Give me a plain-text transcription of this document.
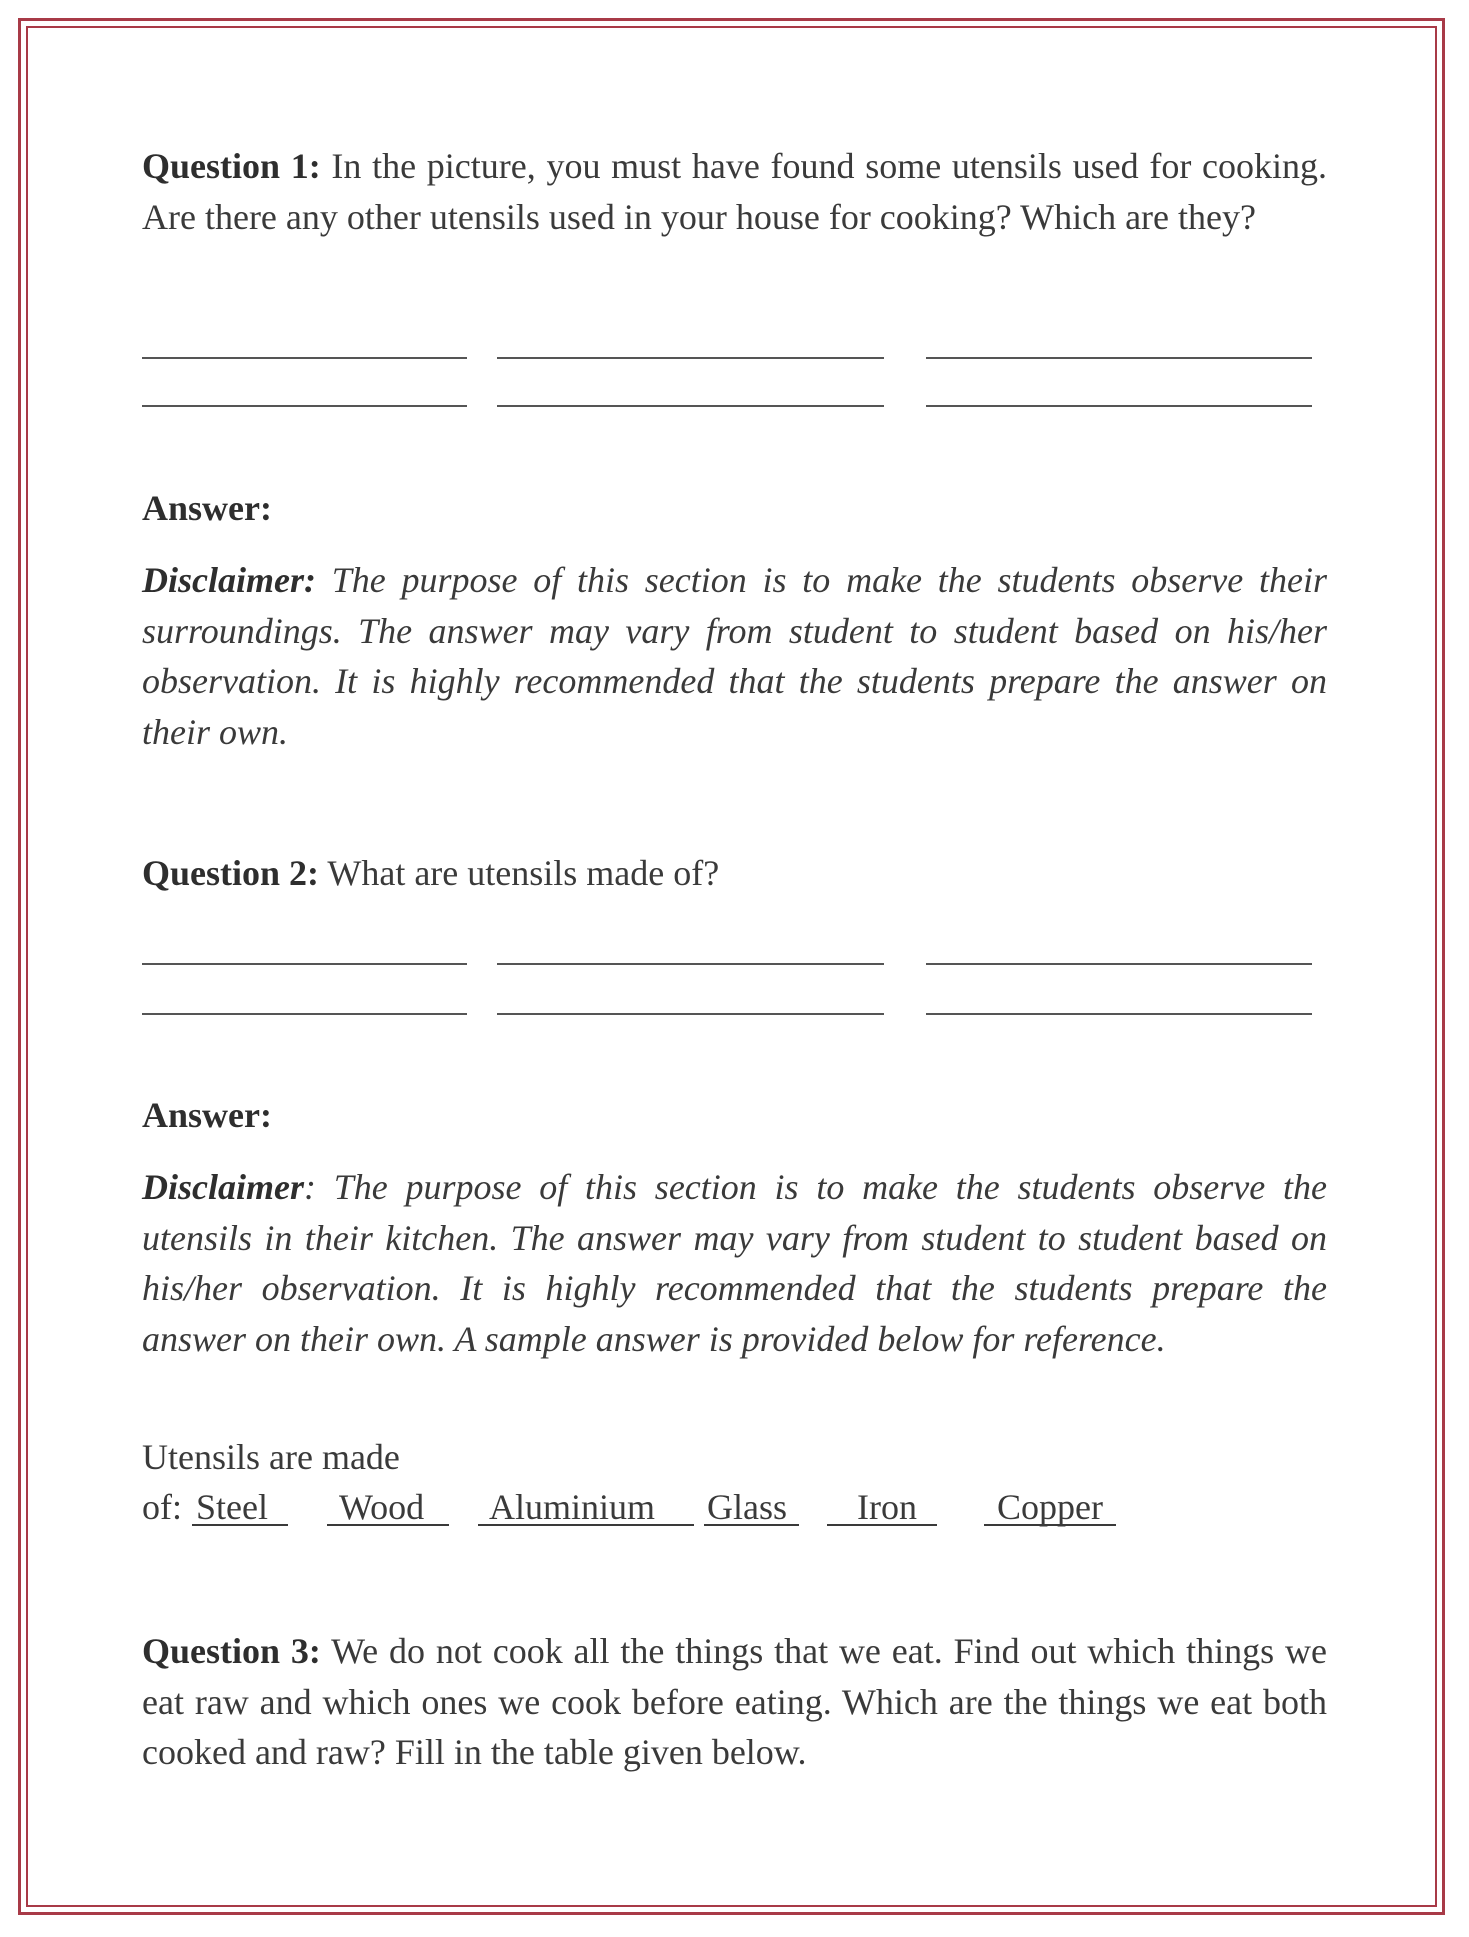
Question 1: In the picture, you must have found some utensils used for cooking. Are there any other utensils used in your house for cooking? Which are they?
Answer:
Disclaimer: The purpose of this section is to make the students observe their surroundings. The answer may vary from student to student based on his/her observation. It is highly recommended that the students prepare the answer on their own.
Question 2: What are utensils made of?
Answer:
Disclaimer: The purpose of this section is to make the students observe the utensils in their kitchen. The answer may vary from student to student based on his/her observation. It is highly recommended that the students prepare the answer on their own. A sample answer is provided below for reference.
Utensils are made
of: Steel Wood Aluminium Glass Iron Copper
Question 3: We do not cook all the things that we eat. Find out which things we eat raw and which ones we cook before eating. Which are the things we eat both cooked and raw? Fill in the table given below.
